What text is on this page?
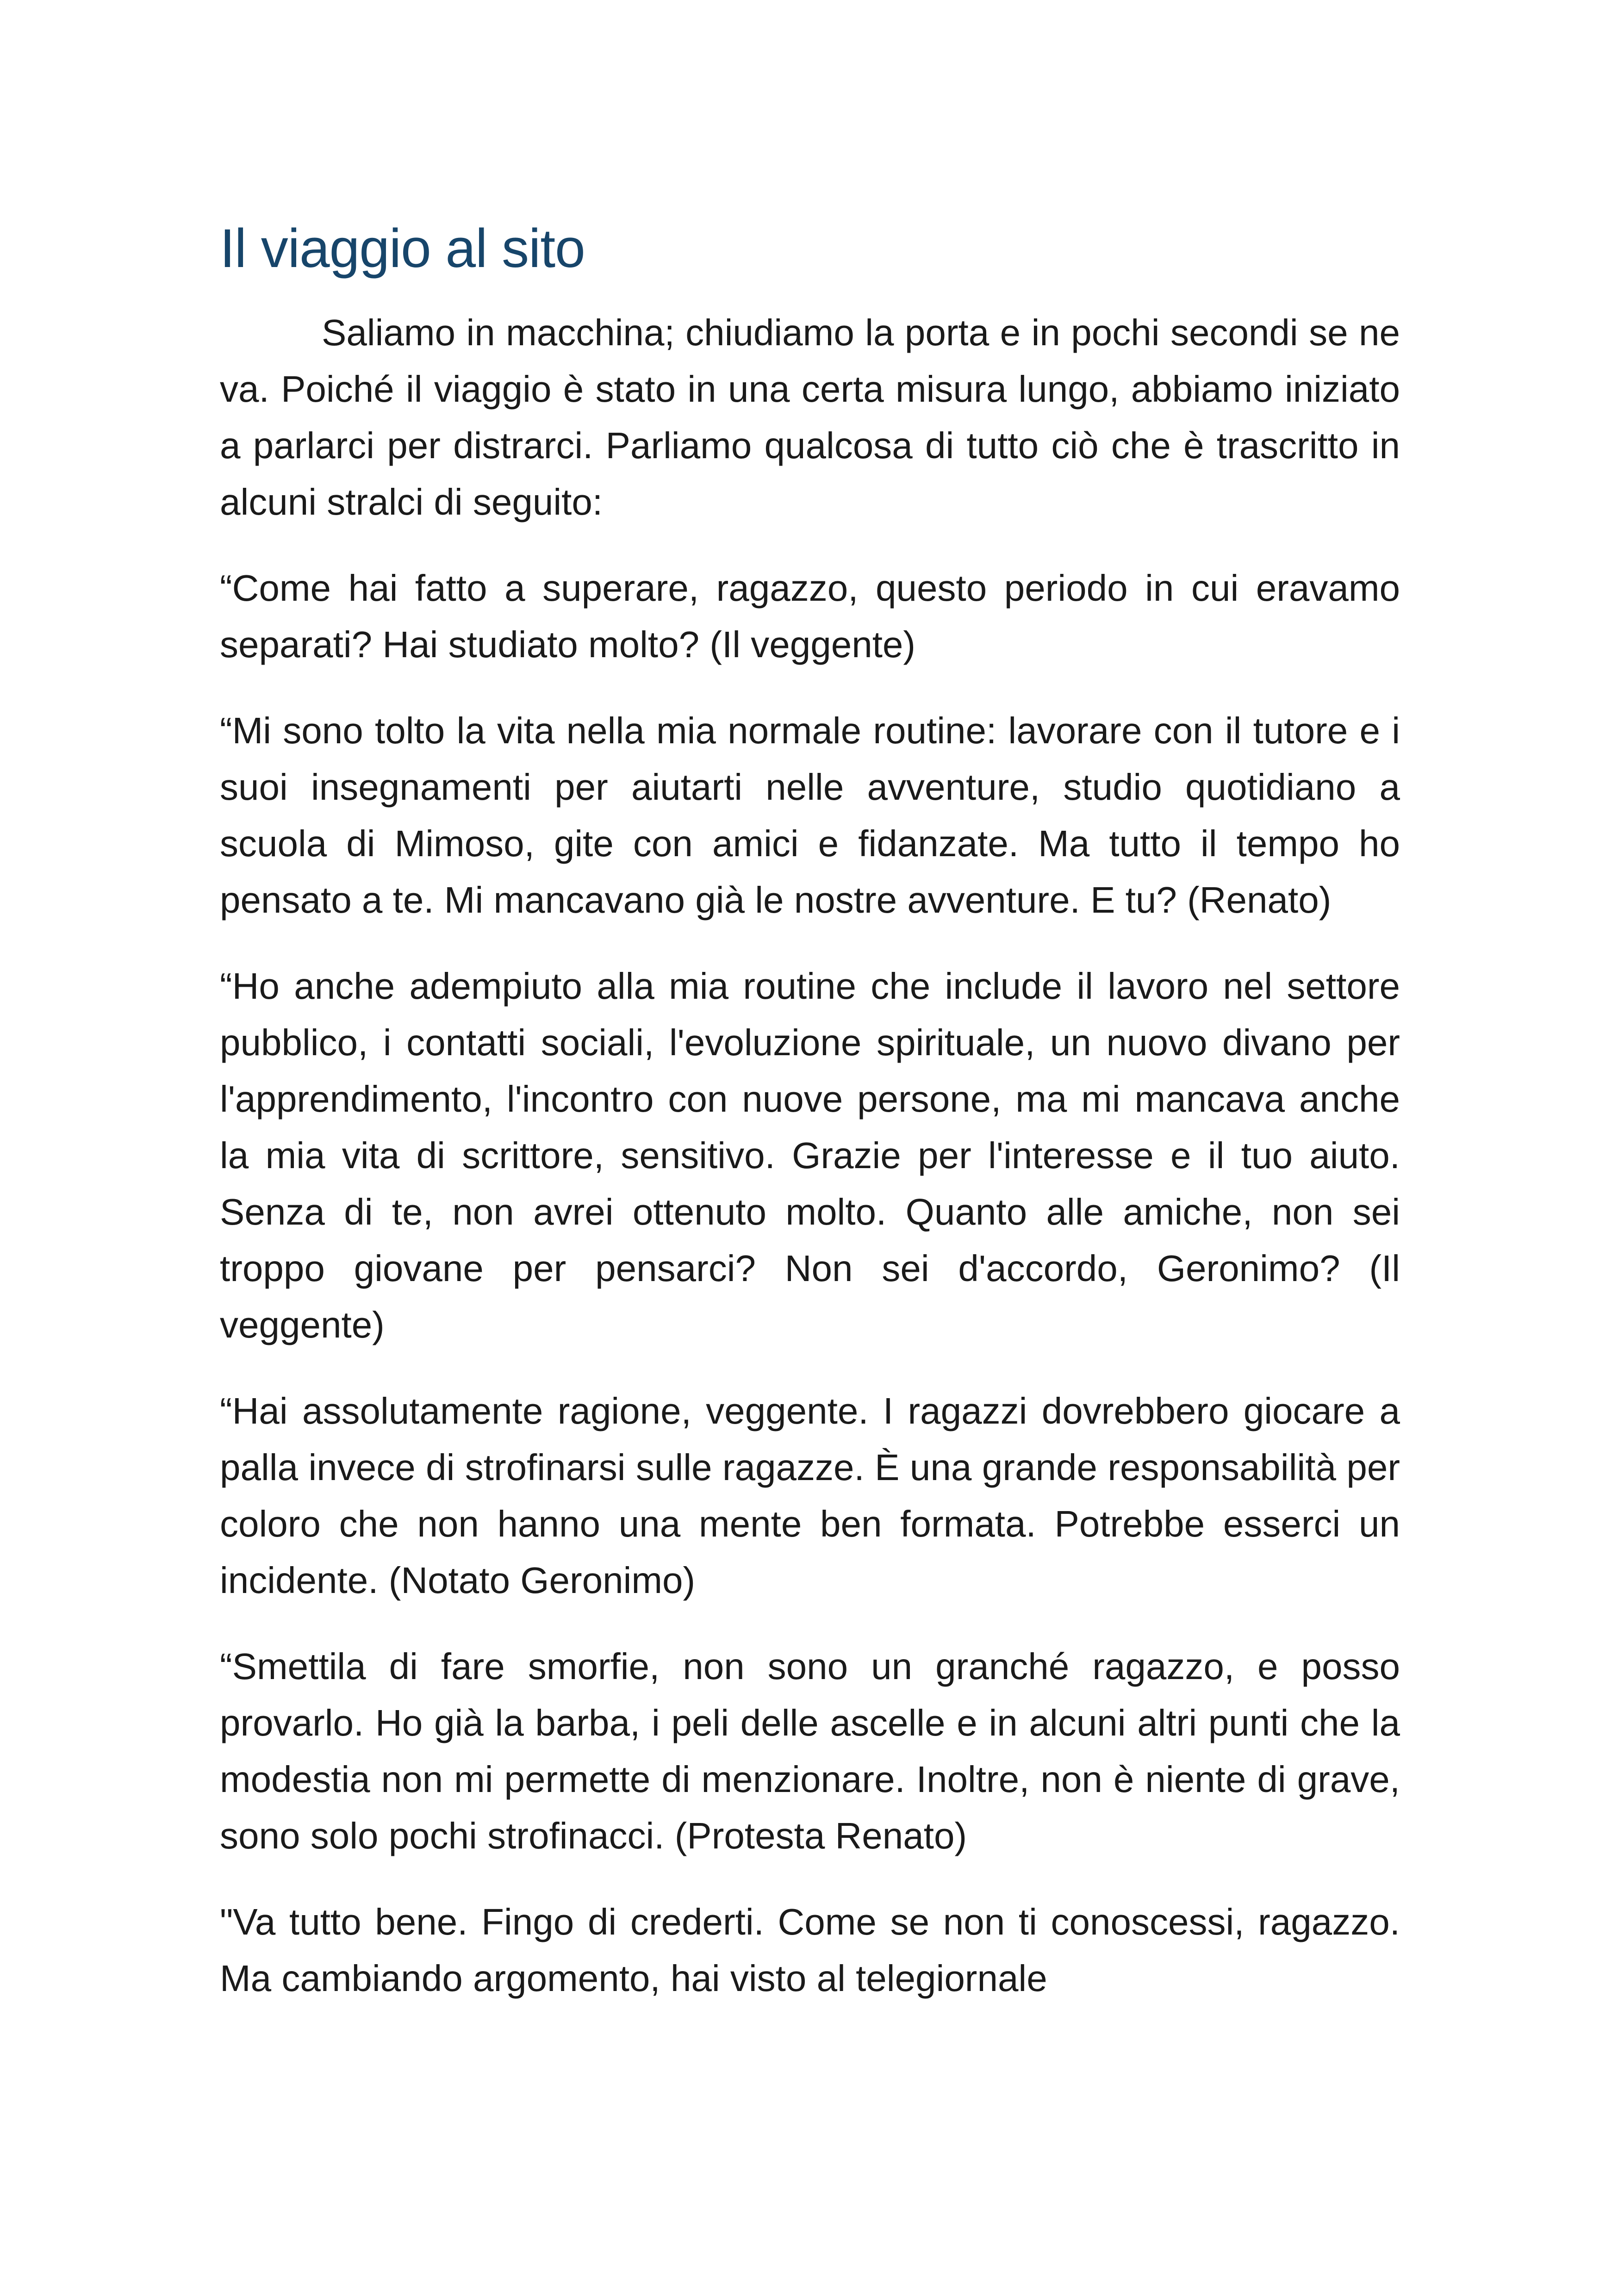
Il viaggio al sito

Saliamo in macchina; chiudiamo la porta e in pochi secondi se ne va. Poiché il viaggio è stato in una certa misura lungo, abbiamo iniziato a parlarci per distrarci. Parliamo qualcosa di tutto ciò che è trascritto in alcuni stralci di seguito:

“Come hai fatto a superare, ragazzo, questo periodo in cui eravamo separati? Hai studiato molto? (Il veggente)

“Mi sono tolto la vita nella mia normale routine: lavorare con il tutore e i suoi insegnamenti per aiutarti nelle avventure, studio quotidiano a scuola di Mimoso, gite con amici e fidanzate. Ma tutto il tempo ho pensato a te. Mi mancavano già le nostre avventure. E tu? (Renato)

“Ho anche adempiuto alla mia routine che include il lavoro nel settore pubblico, i contatti sociali, l'evoluzione spirituale, un nuovo divano per l'apprendimento, l'incontro con nuove persone, ma mi mancava anche la mia vita di scrittore, sensitivo. Grazie per l'interesse e il tuo aiuto. Senza di te, non avrei ottenuto molto. Quanto alle amiche, non sei troppo giovane per pensarci? Non sei d'accordo, Geronimo? (Il veggente)

“Hai assolutamente ragione, veggente. I ragazzi dovrebbero giocare a palla invece di strofinarsi sulle ragazze. È una grande responsabilità per coloro che non hanno una mente ben formata. Potrebbe esserci un incidente. (Notato Geronimo)

“Smettila di fare smorfie, non sono un granché ragazzo, e posso provarlo. Ho già la barba, i peli delle ascelle e in alcuni altri punti che la modestia non mi permette di menzionare. Inoltre, non è niente di grave, sono solo pochi strofinacci. (Protesta Renato)

"Va tutto bene. Fingo di crederti. Come se non ti conoscessi, ragazzo. Ma cambiando argomento, hai visto al telegiornale
